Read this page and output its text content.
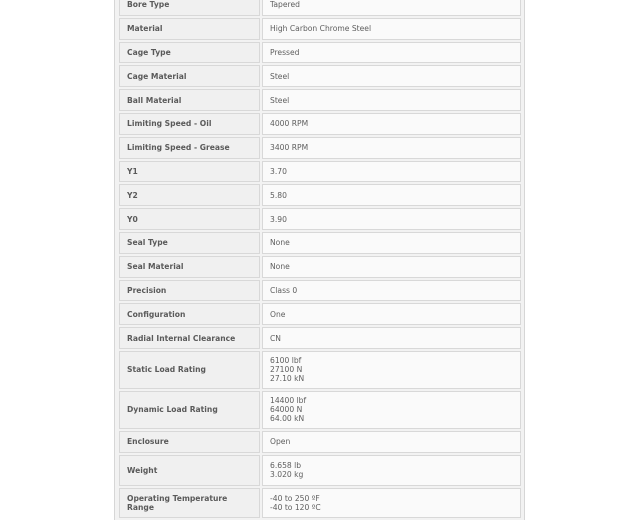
Bore Type	Tapered

Material	High Carbon Chrome Steel

Cage Type	Pressed

Cage Material	Steel

Ball Material	Steel

Limiting Speed - Oil	4000 RPM

Limiting Speed - Grease	3400 RPM

Y1	3.70

Y2	5.80

Y0	3.90

Seal Type	None

Seal Material	None

Precision	Class 0

Configuration	One

Radial Internal Clearance	CN

Static Load Rating	6100 lbf
27100 N
27.10 kN

Dynamic Load Rating	14400 lbf
64000 N
64.00 kN

Enclosure	Open

Weight	6.658 lb
3.020 kg

Operating Temperature Range	-40 to 250 ºF
-40 to 120 ºC
